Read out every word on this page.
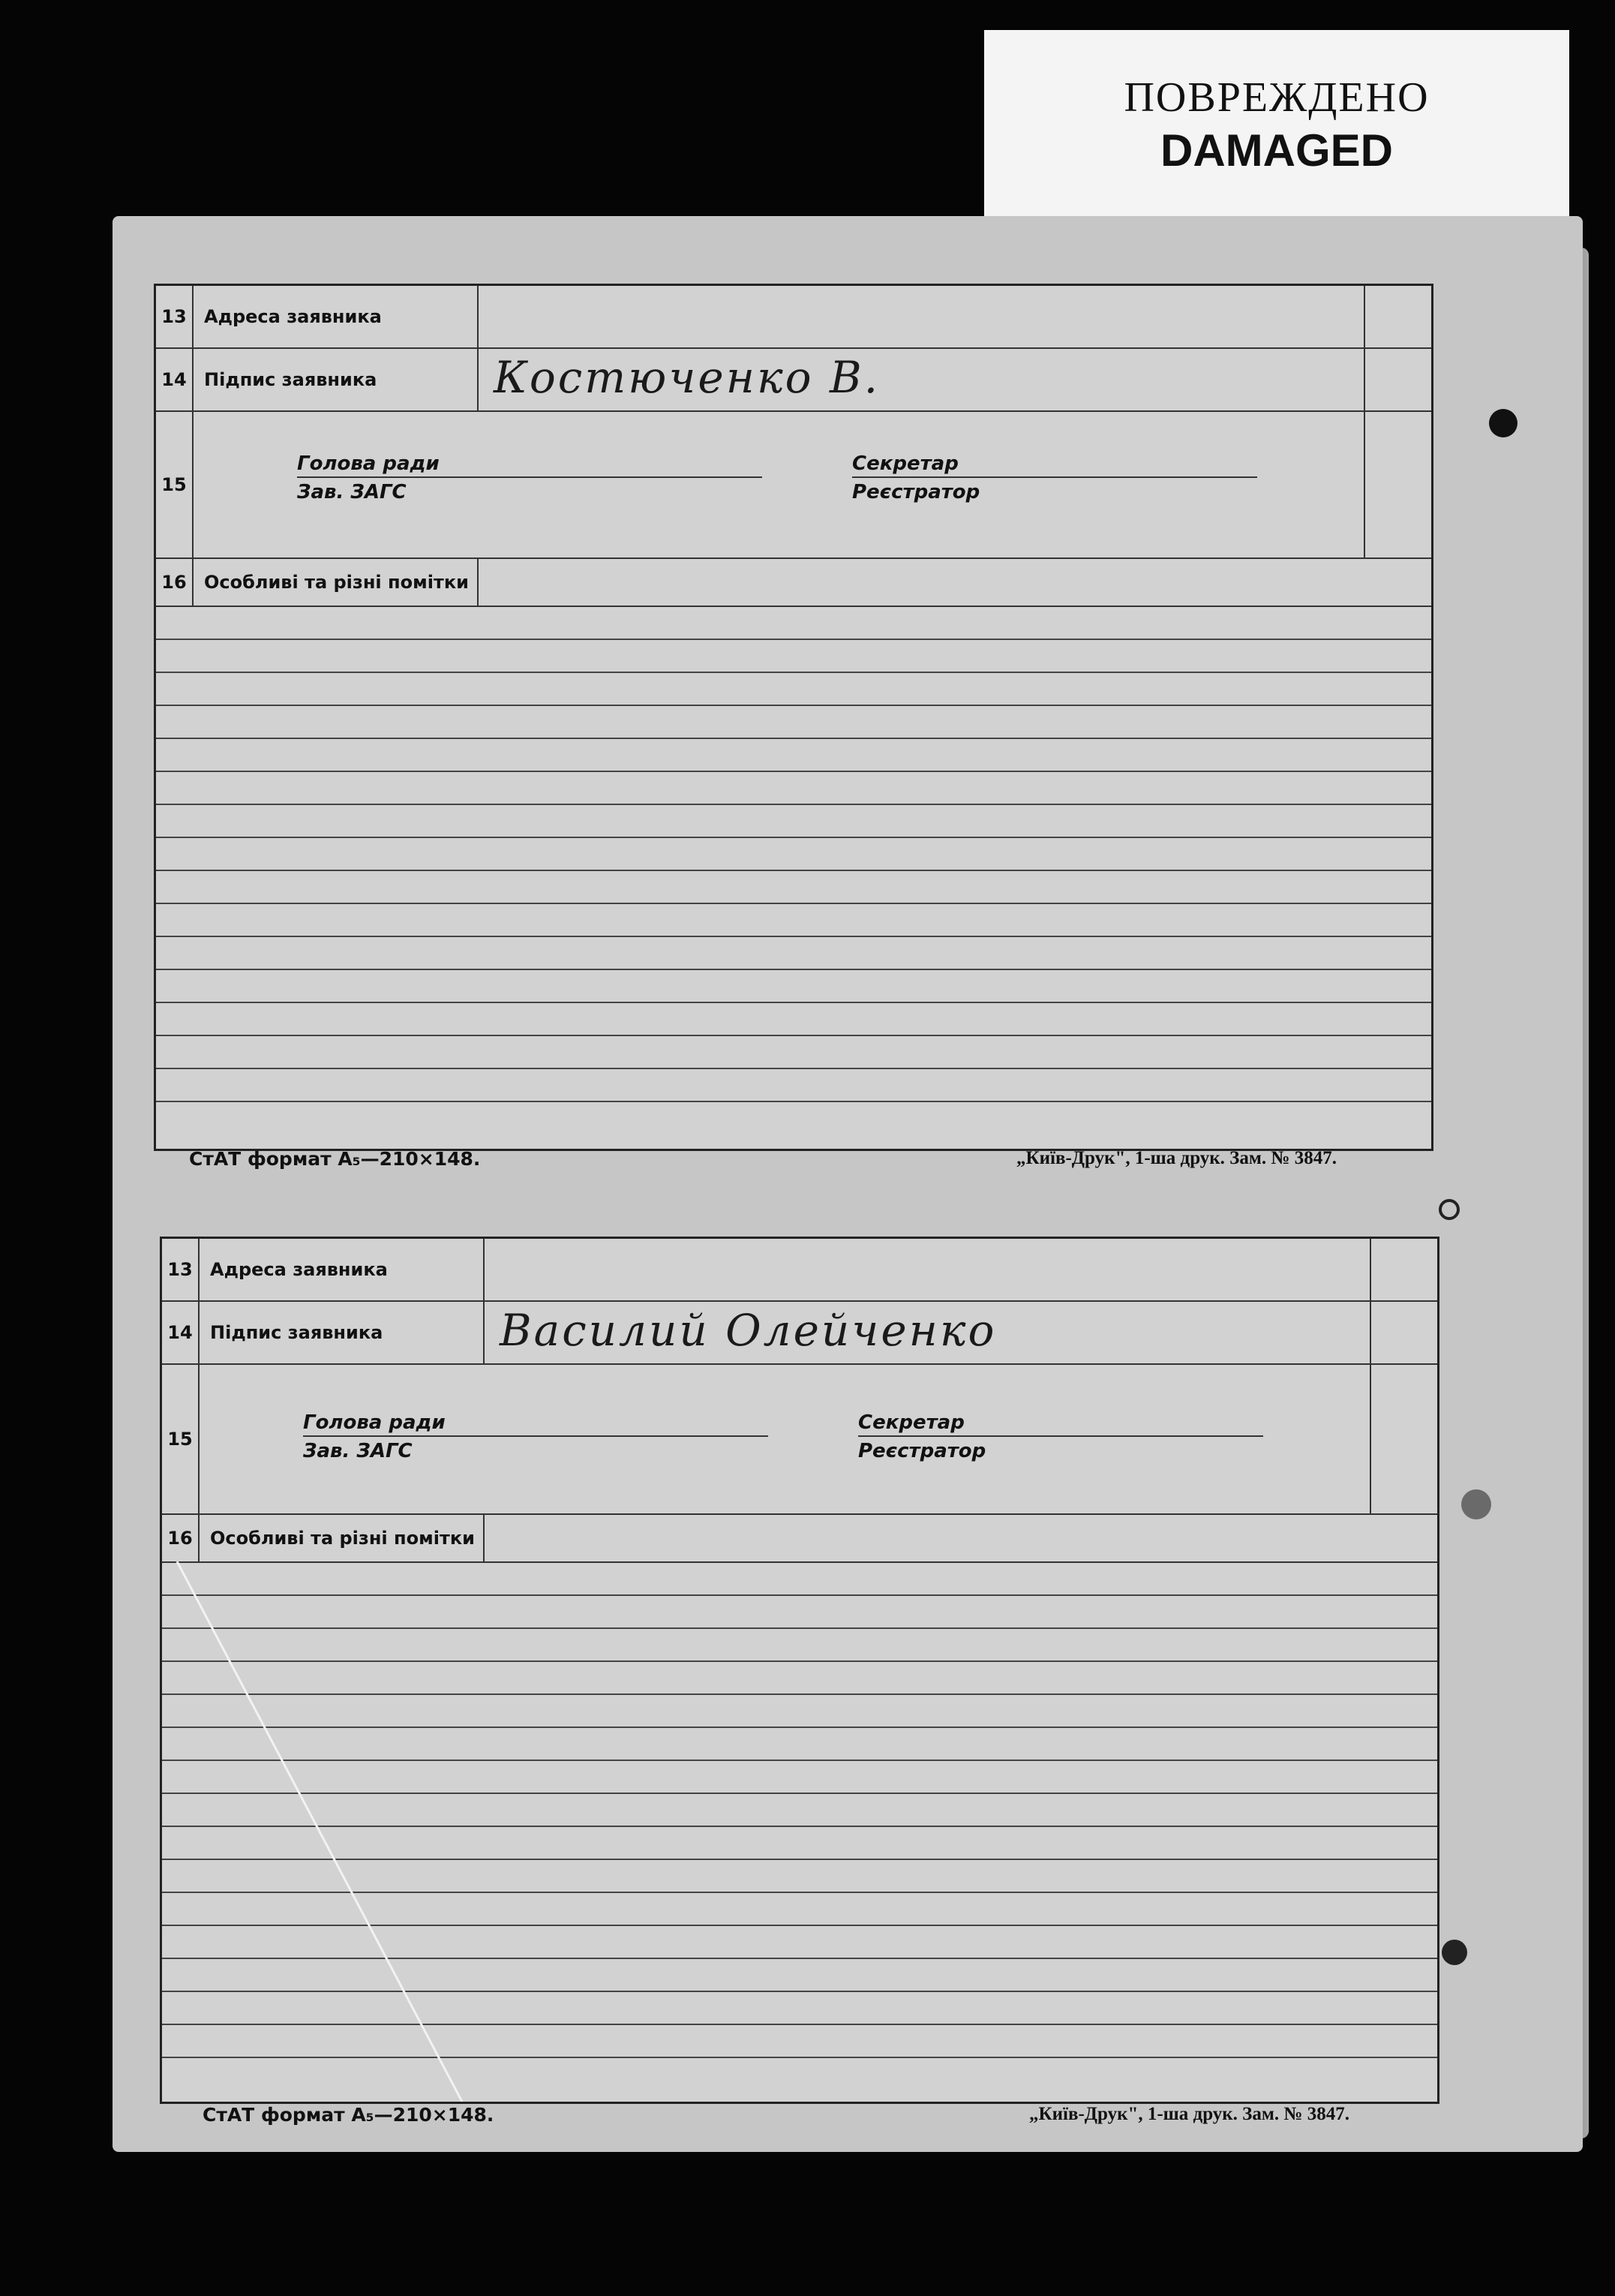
ПОВРЕЖДЕНО
DAMAGED
13 Адреса заявника
14 Підпис заявника	Костюченко В.
15
Голова ради
Зав. ЗАГС
Секретар
Реєстратор
16 Особливі та різні помітки
СтАТ формат А₅—210×148.	„Київ-Друк", 1-ша друк. Зам. № 3847.
13 Адреса заявника
14 Підпис заявника	Василий Олейченко
15
Голова ради
Зав. ЗАГС
Секретар
Реєстратор
16 Особливі та різні помітки
СтАТ формат А₅—210×148.	„Київ-Друк", 1-ша друк. Зам. № 3847.
